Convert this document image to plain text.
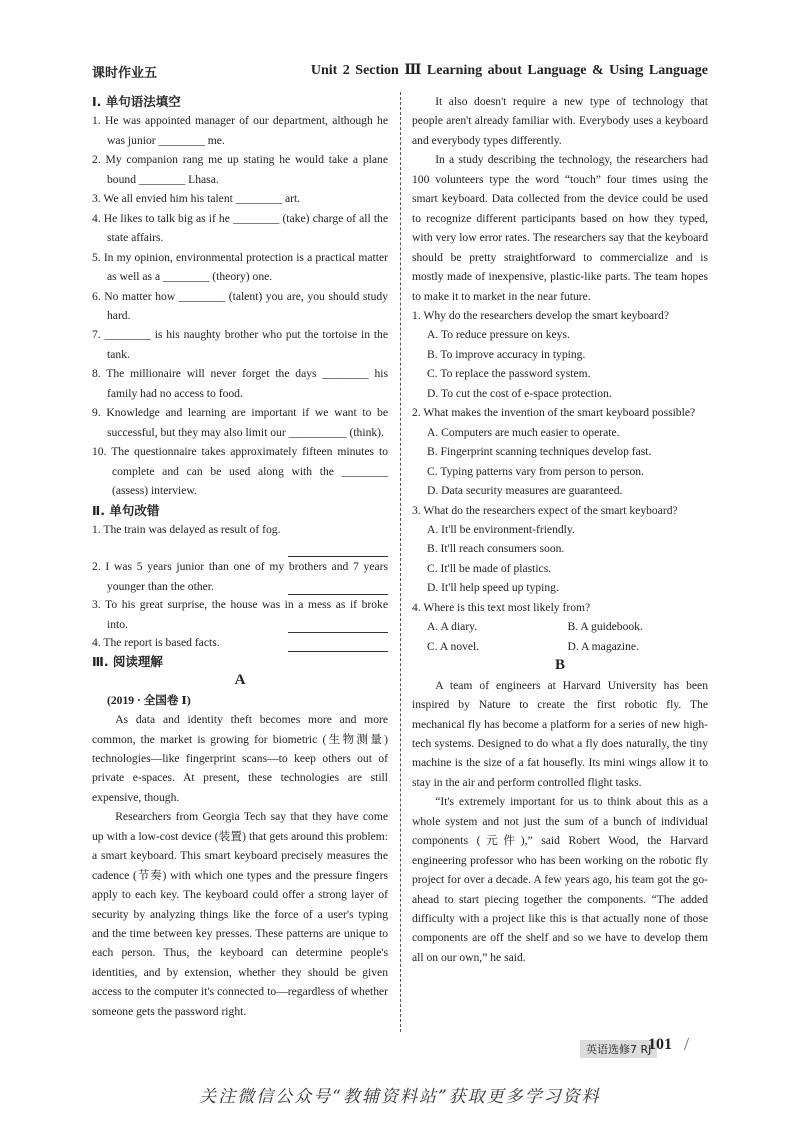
课时作业五	Unit 2 Section Ⅲ Learning about Language & Using Language
Ⅰ. 单句语法填空

1. He was appointed manager of our department, although he was junior ________ me.

2. My companion rang me up stating he would take a plane bound ________ Lhasa.

3. We all envied him his talent ________ art.

4. He likes to talk big as if he ________ (take) charge of all the state affairs.

5. In my opinion, environmental protection is a practical matter as well as a ________ (theory) one.

6. No matter how ________ (talent) you are, you should study hard.

7. ________ is his naughty brother who put the tortoise in the tank.

8. The millionaire will never forget the days ________ his family had no access to food.

9. Knowledge and learning are important if we want to be successful, but they may also limit our __________ (think).

10. The questionnaire takes approximately fifteen minutes to complete and can be used along with the ________ (assess) interview.

Ⅱ. 单句改错

1. The train was delayed as result of fog.

2. I was 5 years junior than one of my brothers and 7 years younger than the other.

3. To his great surprise, the house was in a mess as if broke into.

4. The report is based facts.

Ⅲ. 阅读理解
A
(2019 · 全国卷 Ⅰ)

As data and identity theft becomes more and more common, the market is growing for biometric (生物测量) technologies—like fingerprint scans—to keep others out of private e-spaces. At present, these technologies are still expensive, though.

Researchers from Georgia Tech say that they have come up with a low-cost device (装置) that gets around this problem: a smart keyboard. This smart keyboard precisely measures the cadence (节奏) with which one types and the pressure fingers apply to each key. The keyboard could offer a strong layer of security by analyzing things like the force of a user's typing and the time between key presses. These patterns are unique to each person. Thus, the keyboard can determine people's identities, and by extension, whether they should be given access to the computer it's connected to—regardless of whether someone gets the password right.

It also doesn't require a new type of technology that people aren't already familiar with. Everybody uses a keyboard and everybody types differently.

In a study describing the technology, the researchers had 100 volunteers type the word “touch” four times using the smart keyboard. Data collected from the device could be used to recognize different participants based on how they typed, with very low error rates. The researchers say that the keyboard should be pretty straightforward to commercialize and is mostly made of inexpensive, plastic-like parts. The team hopes to make it to market in the near future.

1. Why do the researchers develop the smart keyboard?

A. To reduce pressure on keys.

B. To improve accuracy in typing.

C. To replace the password system.

D. To cut the cost of e-space protection.

2. What makes the invention of the smart keyboard possible?

A. Computers are much easier to operate.

B. Fingerprint scanning techniques develop fast.

C. Typing patterns vary from person to person.

D. Data security measures are guaranteed.

3. What do the researchers expect of the smart keyboard?

A. It'll be environment-friendly.

B. It'll reach consumers soon.

C. It'll be made of plastics.

D. It'll help speed up typing.

4. Where is this text most likely from?

A. A diary.	B. A guidebook.
C. A novel.	D. A magazine.
B

A team of engineers at Harvard University has been inspired by Nature to create the first robotic fly. The mechanical fly has become a platform for a series of new high-tech systems. Designed to do what a fly does naturally, the tiny machine is the size of a fat housefly. Its mini wings allow it to stay in the air and perform controlled flight tasks.

“It's extremely important for us to think about this as a whole system and not just the sum of a bunch of individual components (元件),” said Robert Wood, the Harvard engineering professor who has been working on the robotic fly project for over a decade. A few years ago, his team got the go-ahead to start piecing together the components. “The added difficulty with a project like this is that actually none of those components are off the shelf and so we have to develop them all on our own,” he said.

英语选修7 RJ
101 /
关注微信公众号“教辅资料站”获取更多学习资料
